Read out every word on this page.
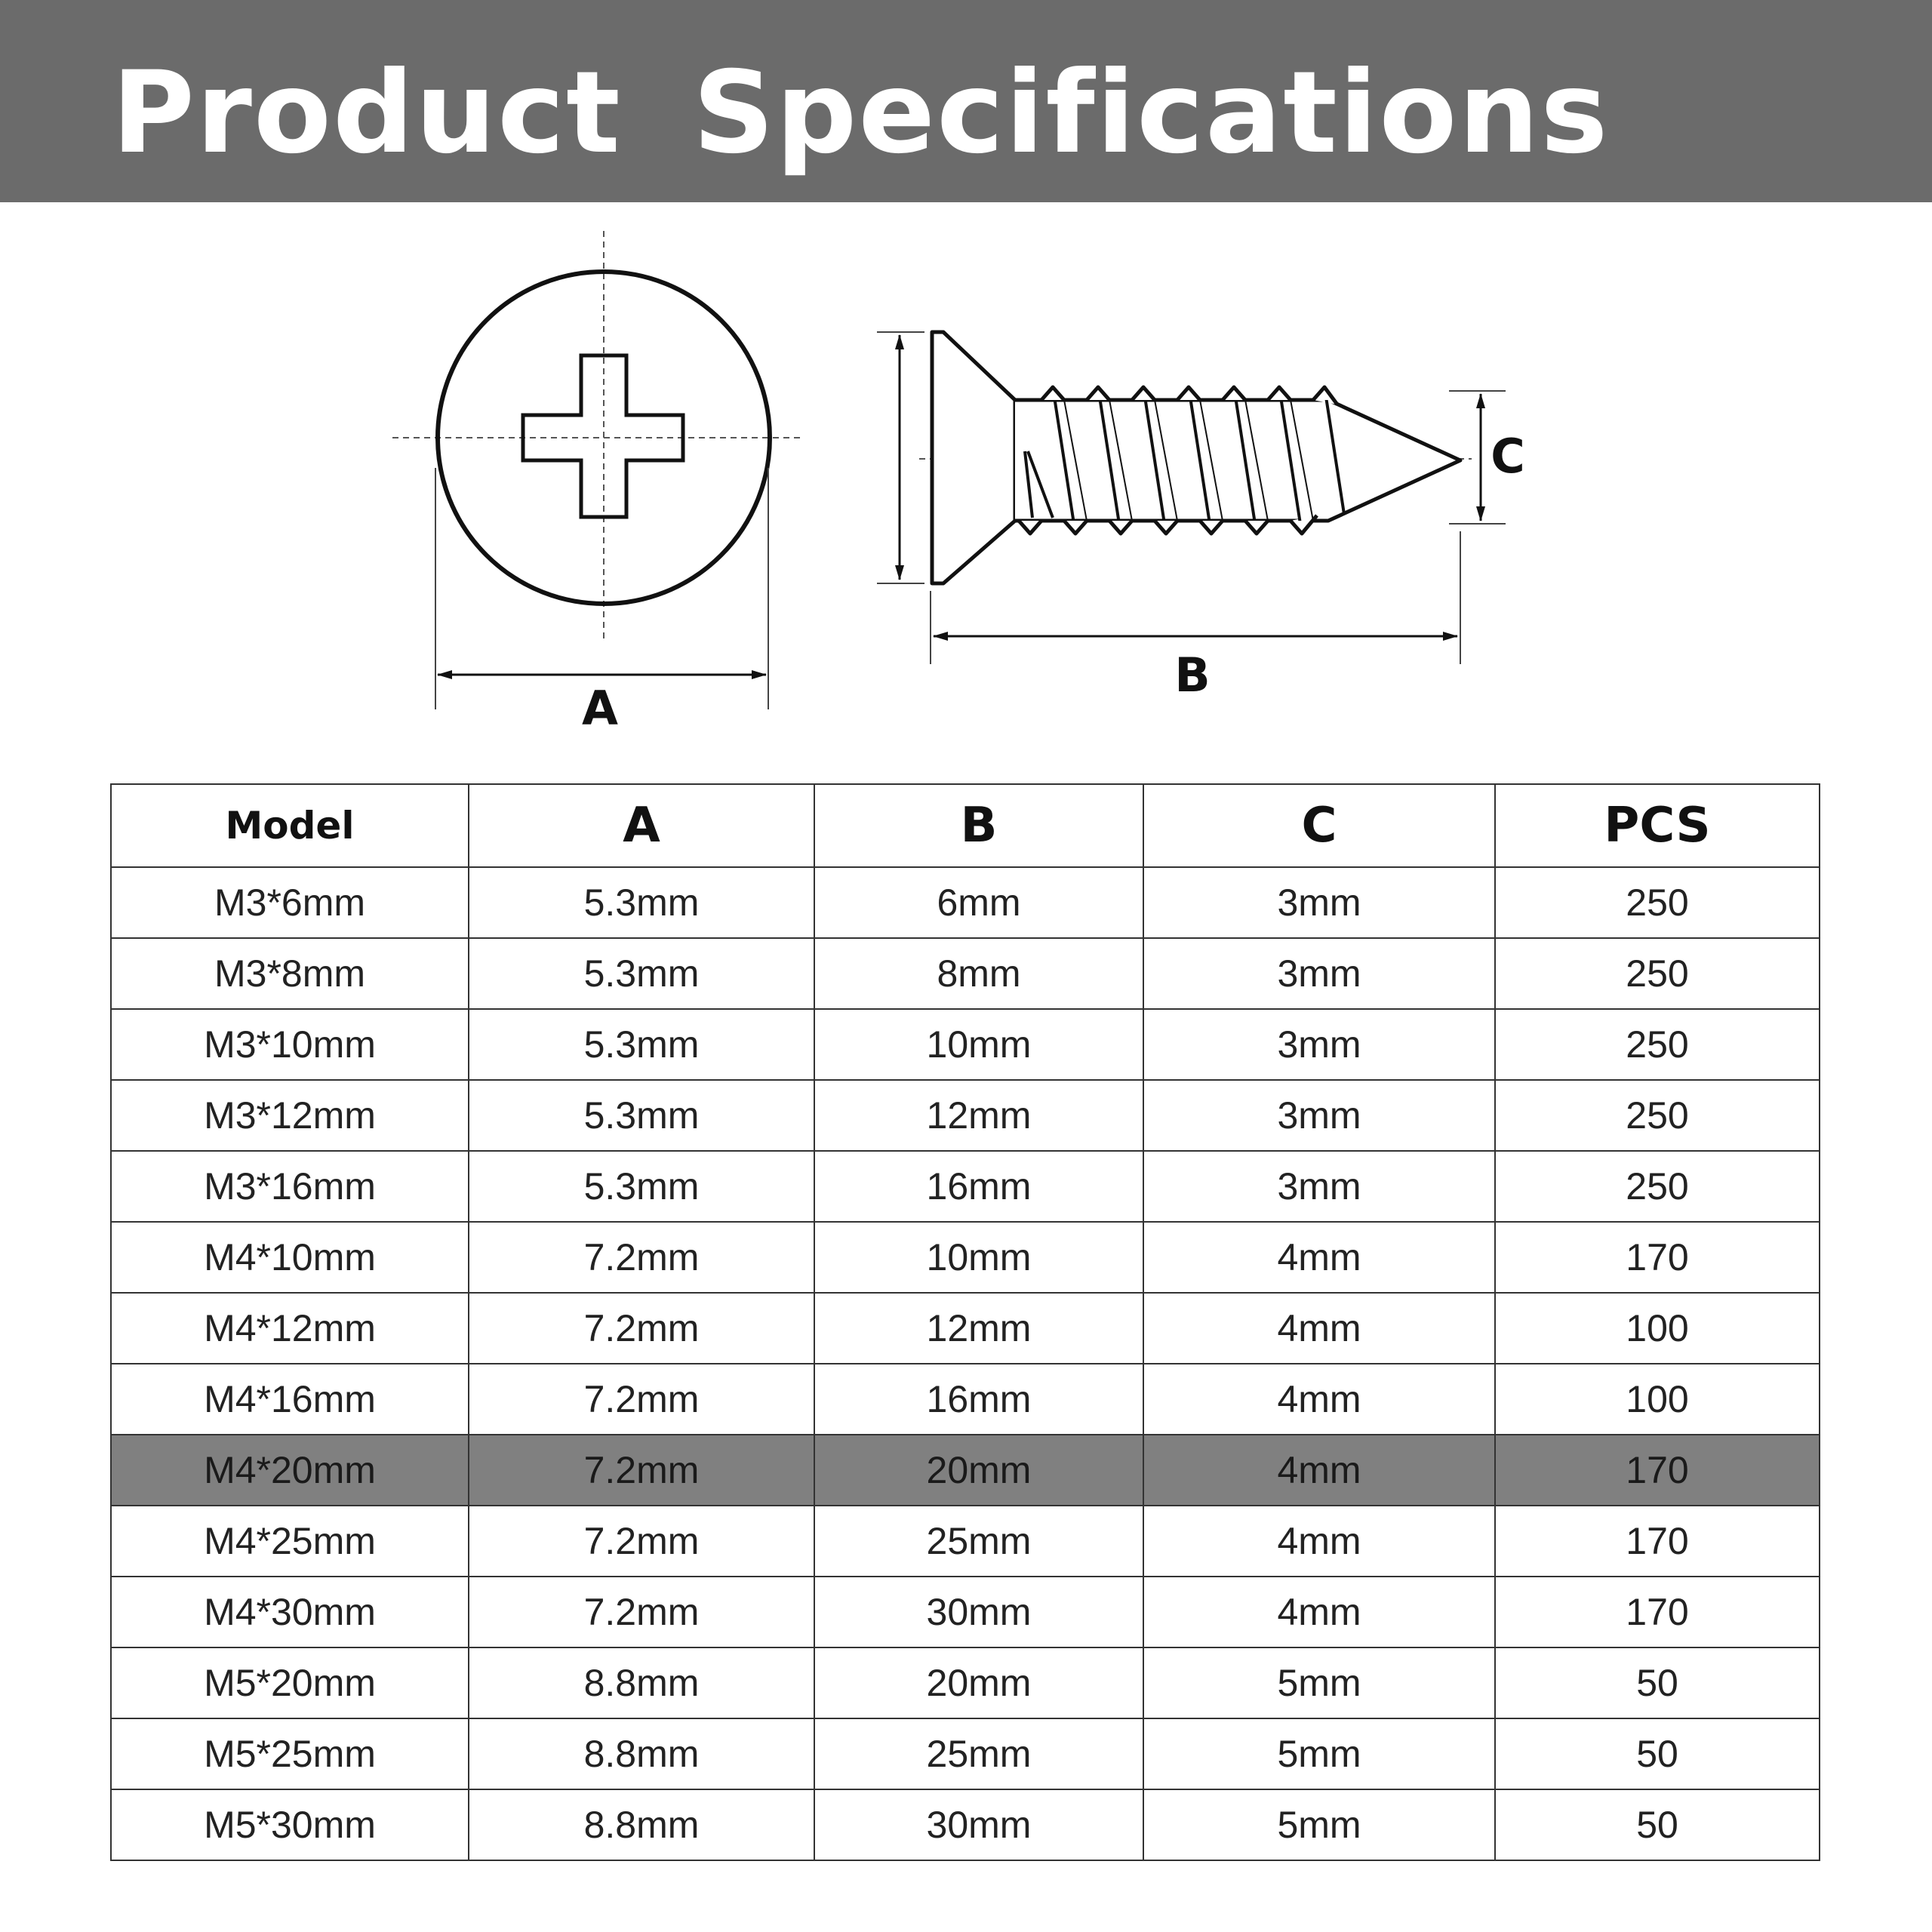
Product Specifications
A
B
C
Model	A	B	C	PCS
M3*6mm	5.3mm	6mm	3mm	250
M3*8mm	5.3mm	8mm	3mm	250
M3*10mm	5.3mm	10mm	3mm	250
M3*12mm	5.3mm	12mm	3mm	250
M3*16mm	5.3mm	16mm	3mm	250
M4*10mm	7.2mm	10mm	4mm	170
M4*12mm	7.2mm	12mm	4mm	100
M4*16mm	7.2mm	16mm	4mm	100
M4*20mm	7.2mm	20mm	4mm	170
M4*25mm	7.2mm	25mm	4mm	170
M4*30mm	7.2mm	30mm	4mm	170
M5*20mm	8.8mm	20mm	5mm	50
M5*25mm	8.8mm	25mm	5mm	50
M5*30mm	8.8mm	30mm	5mm	50
